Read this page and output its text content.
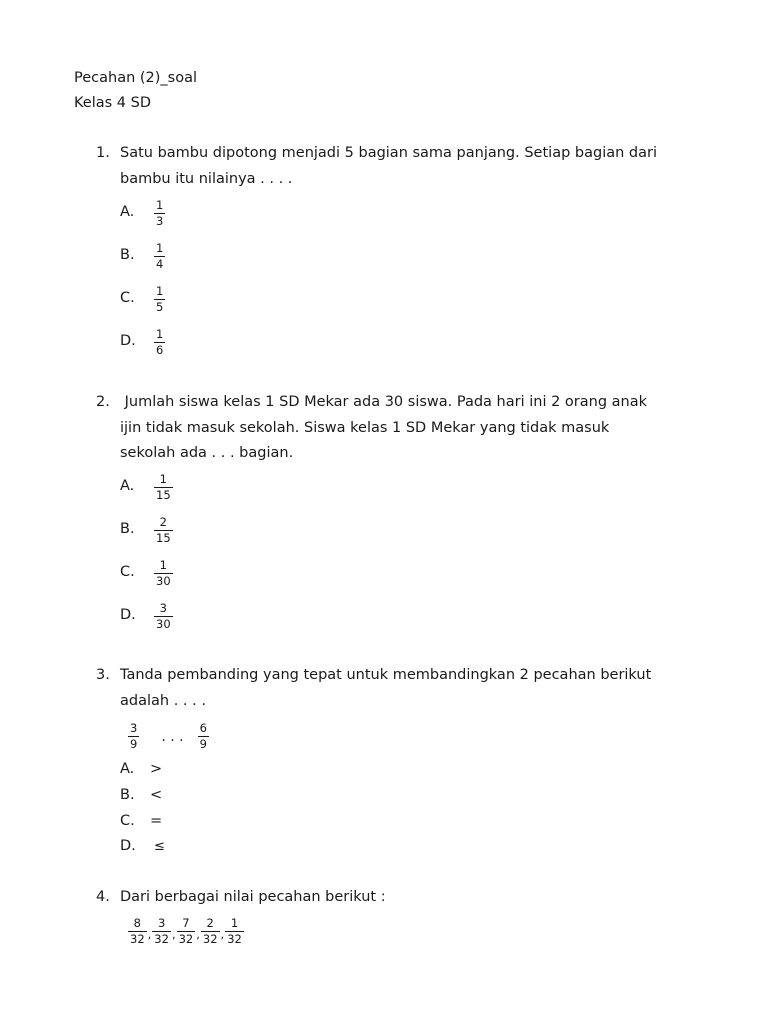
Pecahan (2)_soal
Kelas 4 SD
1. Satu bambu dipotong menjadi 5 bagian sama panjang. Setiap bagian dari
bambu itu nilainya . . . .
A.	$\frac{1}{3}$
B.	$\frac{1}{4}$
C.	$\frac{1}{5}$
D.	$\frac{1}{6}$
2. Jumlah siswa kelas 1 SD Mekar ada 30 siswa. Pada hari ini 2 orang anak
ijin tidak masuk sekolah. Siswa kelas 1 SD Mekar yang tidak masuk
sekolah ada . . . bagian.
A.	$\frac{1}{15}$
B.	$\frac{2}{15}$
C.	$\frac{1}{30}$
D.	$\frac{3}{30}$
3. Tanda pembanding yang tepat untuk membandingkan 2 pecahan berikut
adalah . . . .
$\frac{3}{9}$ . . . $\frac{6}{9}$
A.	>
B.	<
C.	=
D.	≤
4. Dari berbagai nilai pecahan berikut :
$\frac{8}{32}$ , $\frac{3}{32}$ , $\frac{7}{32}$ , $\frac{2}{32}$ , $\frac{1}{32}$
